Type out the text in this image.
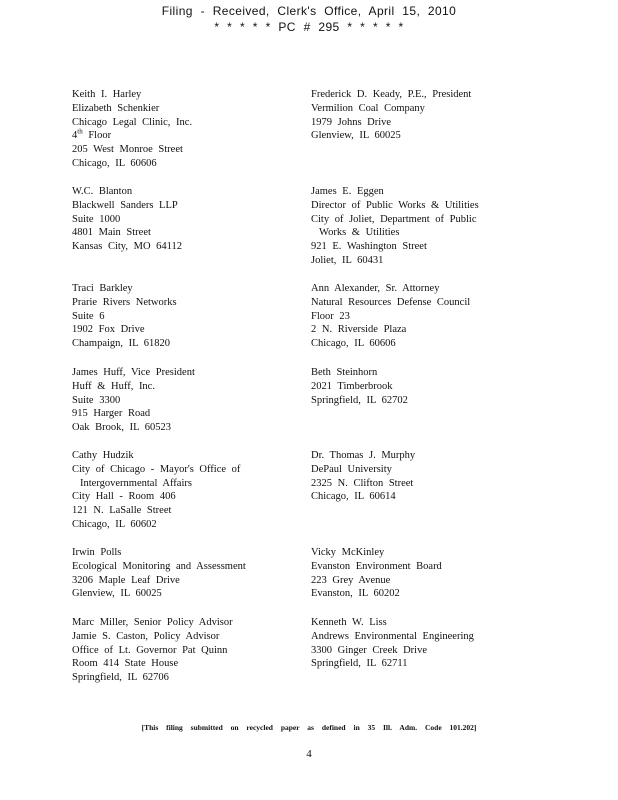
Filing - Received, Clerk's Office, April 15, 2010
* * * * * PC # 295 * * * * *
Keith I. Harley
Elizabeth Schenkier
Chicago Legal Clinic, Inc.
4th Floor
205 West Monroe Street
Chicago, IL 60606
W.C. Blanton
Blackwell Sanders LLP
Suite 1000
4801 Main Street
Kansas City, MO 64112
Traci Barkley
Prarie Rivers Networks
Suite 6
1902 Fox Drive
Champaign, IL 61820
James Huff, Vice President
Huff & Huff, Inc.
Suite 3300
915 Harger Road
Oak Brook, IL 60523
Cathy Hudzik
City of Chicago - Mayor's Office of
Intergovernmental Affairs
City Hall - Room 406
121 N. LaSalle Street
Chicago, IL 60602
Irwin Polls
Ecological Monitoring and Assessment
3206 Maple Leaf Drive
Glenview, IL 60025
Marc Miller, Senior Policy Advisor
Jamie S. Caston, Policy Advisor
Office of Lt. Governor Pat Quinn
Room 414 State House
Springfield, IL 62706
Frederick D. Keady, P.E., President
Vermilion Coal Company
1979 Johns Drive
Glenview, IL 60025
James E. Eggen
Director of Public Works & Utilities
City of Joliet, Department of Public
Works & Utilities
921 E. Washington Street
Joliet, IL 60431
Ann Alexander, Sr. Attorney
Natural Resources Defense Council
Floor 23
2 N. Riverside Plaza
Chicago, IL 60606
Beth Steinhorn
2021 Timberbrook
Springfield, IL 62702
Dr. Thomas J. Murphy
DePaul University
2325 N. Clifton Street
Chicago, IL 60614
Vicky McKinley
Evanston Environment Board
223 Grey Avenue
Evanston, IL 60202
Kenneth W. Liss
Andrews Environmental Engineering
3300 Ginger Creek Drive
Springfield, IL 62711
[This filing submitted on recycled paper as defined in 35 Ill. Adm. Code 101.202]
4
